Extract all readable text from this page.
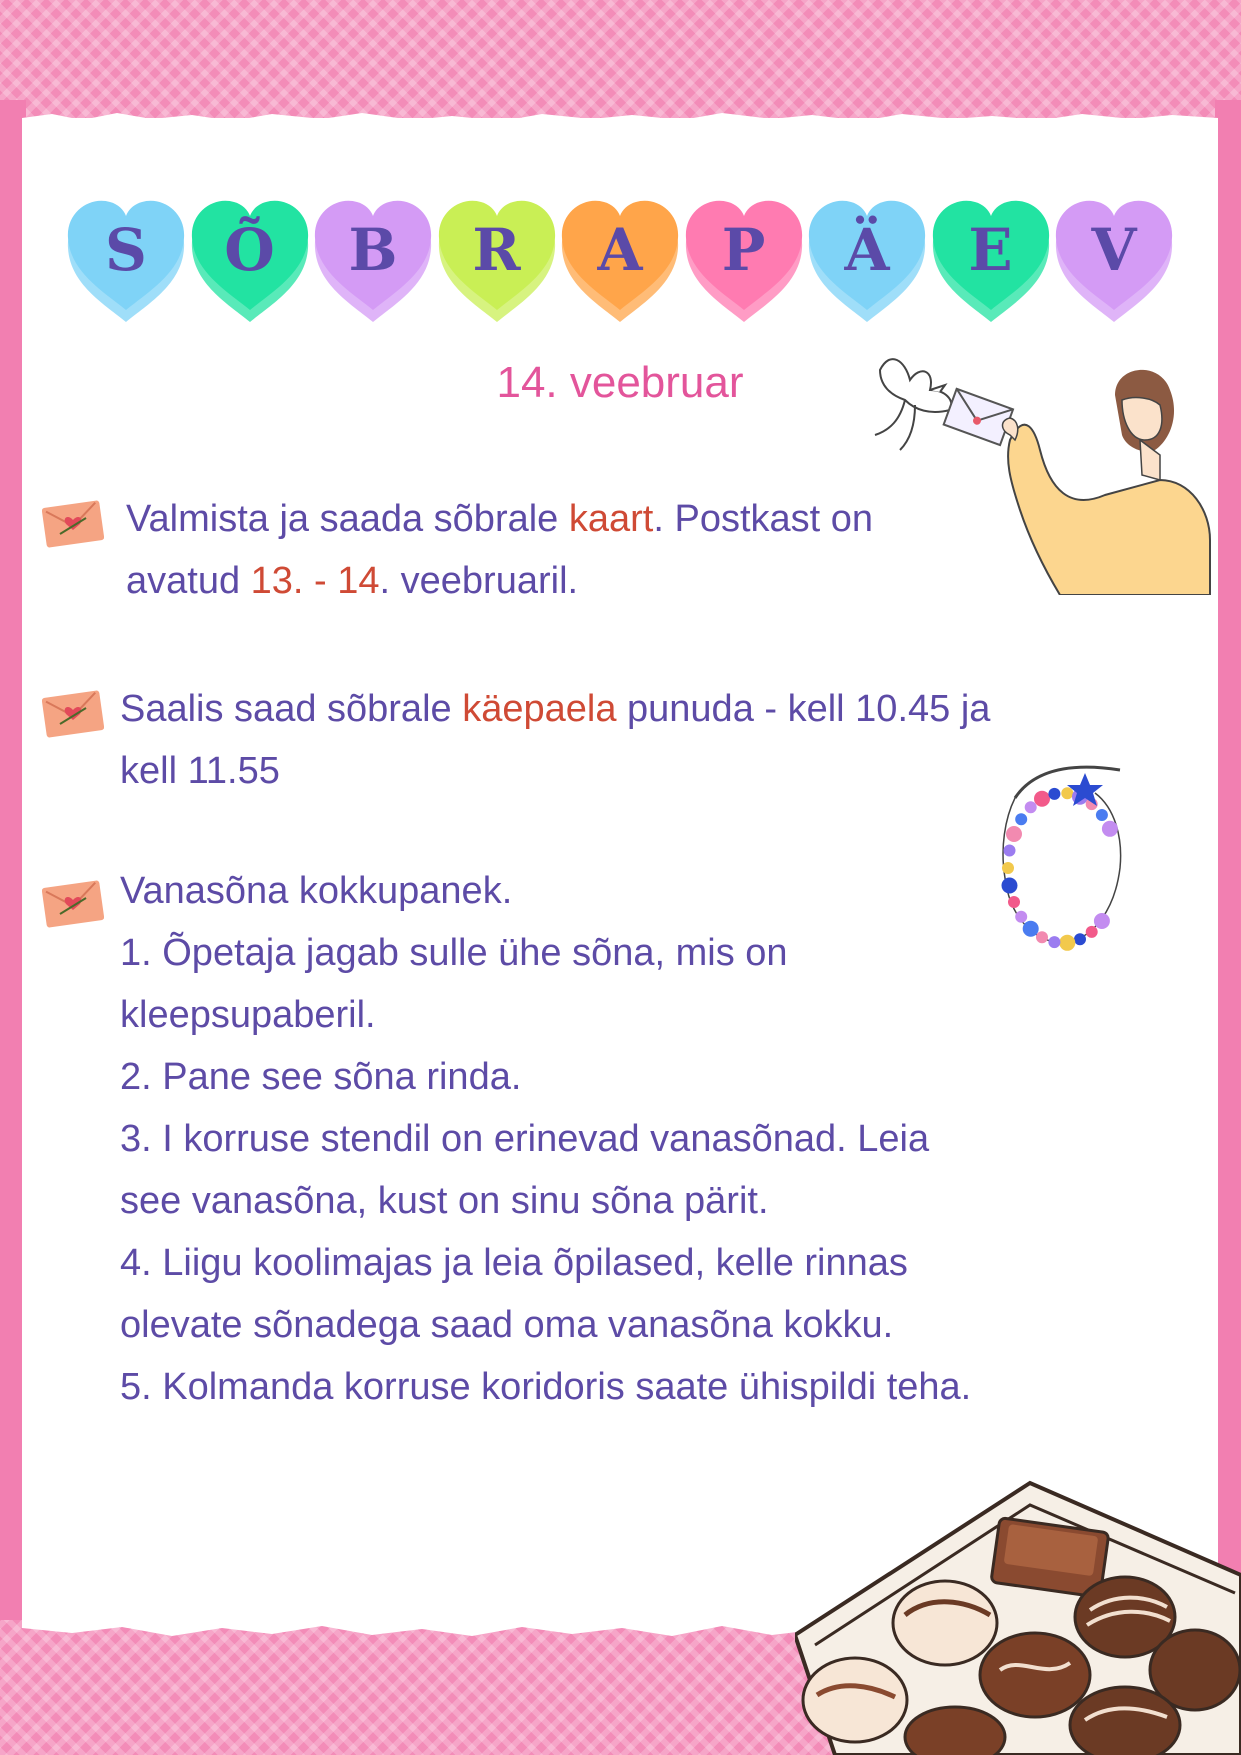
S	Õ	B	R	A	P	Ä	E	V
14. veebruar
Valmista ja saada sõbrale kaart. Postkast on
avatud 13. - 14. veebruaril.
Saalis saad sõbrale käepaela punuda - kell 10.45 ja
kell 11.55
Vanasõna kokkupanek.
1. Õpetaja jagab sulle ühe sõna, mis on
kleepsupaberil.
2. Pane see sõna rinda.
3. I korruse stendil on erinevad vanasõnad. Leia
see vanasõna, kust on sinu sõna pärit.
4. Liigu koolimajas ja leia õpilased, kelle rinnas
olevate sõnadega saad oma vanasõna kokku.
5. Kolmanda korruse koridoris saate ühispildi teha.
